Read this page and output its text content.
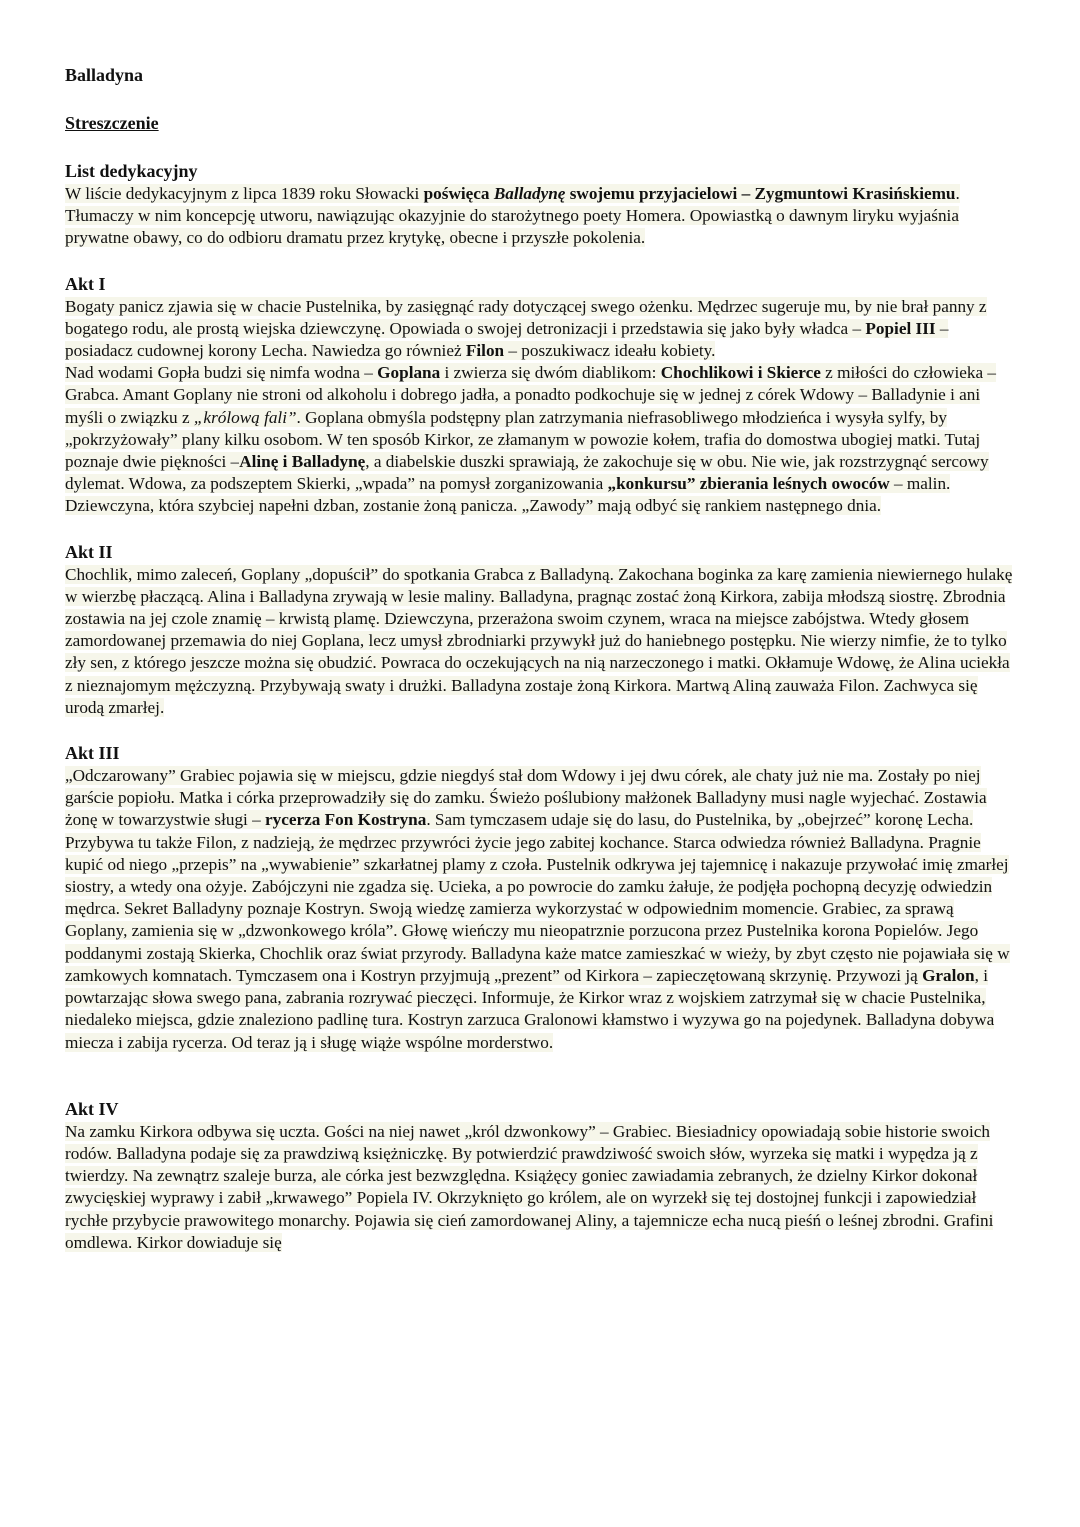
Balladyna
Streszczenie
List dedykacyjny

W liście dedykacyjnym z lipca 1839 roku Słowacki poświęca Balladynę swojemu przyjacielowi – Zygmuntowi Krasińskiemu. Tłumaczy w nim koncepcję utworu, nawiązując okazyjnie do starożytnego poety Homera. Opowiastką o dawnym liryku wyjaśnia prywatne obawy, co do odbioru dramatu przez krytykę, obecne i przyszłe pokolenia.

Akt I

Bogaty panicz zjawia się w chacie Pustelnika, by zasięgnąć rady dotyczącej swego ożenku. Mędrzec sugeruje mu, by nie brał panny z bogatego rodu, ale prostą wiejska dziewczynę. Opowiada o swojej detronizacji i przedstawia się jako były władca – Popiel III – posiadacz cudownej korony Lecha. Nawiedza go również Filon – poszukiwacz ideału kobiety.

Nad wodami Gopła budzi się nimfa wodna – Goplana i zwierza się dwóm diablikom: Chochlikowi i Skierce z miłości do człowieka – Grabca. Amant Goplany nie stroni od alkoholu i dobrego jadła, a ponadto podkochuje się w jednej z córek Wdowy – Balladynie i ani myśli o związku z „królową fali”. Goplana obmyśla podstępny plan zatrzymania niefrasobliwego młodzieńca i wysyła sylfy, by „pokrzyżowały” plany kilku osobom. W ten sposób Kirkor, ze złamanym w powozie kołem, trafia do domostwa ubogiej matki. Tutaj poznaje dwie piękności –Alinę i Balladynę, a diabelskie duszki sprawiają, że zakochuje się w obu. Nie wie, jak rozstrzygnąć sercowy dylemat. Wdowa, za podszeptem Skierki, „wpada” na pomysł zorganizowania „konkursu” zbierania leśnych owoców – malin. Dziewczyna, która szybciej napełni dzban, zostanie żoną panicza. „Zawody” mają odbyć się rankiem następnego dnia.

Akt II

Chochlik, mimo zaleceń, Goplany „dopuścił” do spotkania Grabca z Balladyną. Zakochana boginka za karę zamienia niewiernego hulakę w wierzbę płaczącą. Alina i Balladyna zrywają w lesie maliny. Balladyna, pragnąc zostać żoną Kirkora, zabija młodszą siostrę. Zbrodnia zostawia na jej czole znamię – krwistą plamę. Dziewczyna, przerażona swoim czynem, wraca na miejsce zabójstwa. Wtedy głosem zamordowanej przemawia do niej Goplana, lecz umysł zbrodniarki przywykł już do haniebnego postępku. Nie wierzy nimfie, że to tylko zły sen, z którego jeszcze można się obudzić. Powraca do oczekujących na nią narzeczonego i matki. Okłamuje Wdowę, że Alina uciekła z nieznajomym mężczyzną. Przybywają swaty i drużki. Balladyna zostaje żoną Kirkora. Martwą Aliną zauważa Filon. Zachwyca się urodą zmarłej.

Akt III

„Odczarowany” Grabiec pojawia się w miejscu, gdzie niegdyś stał dom Wdowy i jej dwu córek, ale chaty już nie ma. Zostały po niej garście popiołu. Matka i córka przeprowadziły się do zamku. Świeżo poślubiony małżonek Balladyny musi nagle wyjechać. Zostawia żonę w towarzystwie sługi – rycerza Fon Kostryna. Sam tymczasem udaje się do lasu, do Pustelnika, by „obejrzeć” koronę Lecha. Przybywa tu także Filon, z nadzieją, że mędrzec przywróci życie jego zabitej kochance. Starca odwiedza również Balladyna. Pragnie kupić od niego „przepis” na „wywabienie” szkarłatnej plamy z czoła. Pustelnik odkrywa jej tajemnicę i nakazuje przywołać imię zmarłej siostry, a wtedy ona ożyje. Zabójczyni nie zgadza się. Ucieka, a po powrocie do zamku żałuje, że podjęła pochopną decyzję odwiedzin mędrca. Sekret Balladyny poznaje Kostryn. Swoją wiedzę zamierza wykorzystać w odpowiednim momencie. Grabiec, za sprawą Goplany, zamienia się w „dzwonkowego króla”. Głowę wieńczy mu nieopatrznie porzucona przez Pustelnika korona Popielów. Jego poddanymi zostają Skierka, Chochlik oraz świat przyrody. Balladyna każe matce zamieszkać w wieży, by zbyt często nie pojawiała się w zamkowych komnatach. Tymczasem ona i Kostryn przyjmują „prezent” od Kirkora – zapieczętowaną skrzynię. Przywozi ją Gralon, i powtarzając słowa swego pana, zabrania rozrywać pieczęci. Informuje, że Kirkor wraz z wojskiem zatrzymał się w chacie Pustelnika, niedaleko miejsca, gdzie znaleziono padlinę tura. Kostryn zarzuca Gralonowi kłamstwo i wyzywa go na pojedynek. Balladyna dobywa miecza i zabija rycerza. Od teraz ją i sługę wiąże wspólne morderstwo.

Akt IV

Na zamku Kirkora odbywa się uczta. Gości na niej nawet „król dzwonkowy” – Grabiec. Biesiadnicy opowiadają sobie historie swoich rodów. Balladyna podaje się za prawdziwą księżniczkę. By potwierdzić prawdziwość swoich słów, wyrzeka się matki i wypędza ją z twierdzy. Na zewnątrz szaleje burza, ale córka jest bezwzględna. Książęcy goniec zawiadamia zebranych, że dzielny Kirkor dokonał zwycięskiej wyprawy i zabił „krwawego” Popiela IV. Okrzyknięto go królem, ale on wyrzekł się tej dostojnej funkcji i zapowiedział rychłe przybycie prawowitego monarchy. Pojawia się cień zamordowanej Aliny, a tajemnicze echa nucą pieśń o leśnej zbrodni. Grafini omdlewa. Kirkor dowiaduje się
